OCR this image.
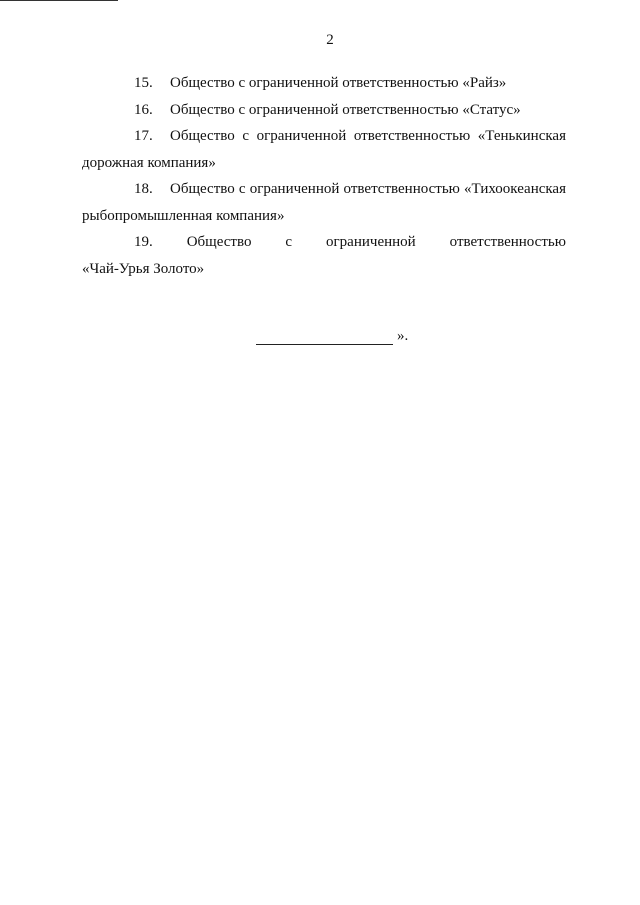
2

15. Общество с ограниченной ответственностью «Райз»

16. Общество с ограниченной ответственностью «Статус»

17. Общество с ограниченной ответственностью «Тенькинская дорожная компания»

18. Общество с ограниченной ответственностью «Тихоокеанская рыбопромышленная компания»

19. Общество с ограниченной ответственностью
«Чай-Урья Золото»
».
